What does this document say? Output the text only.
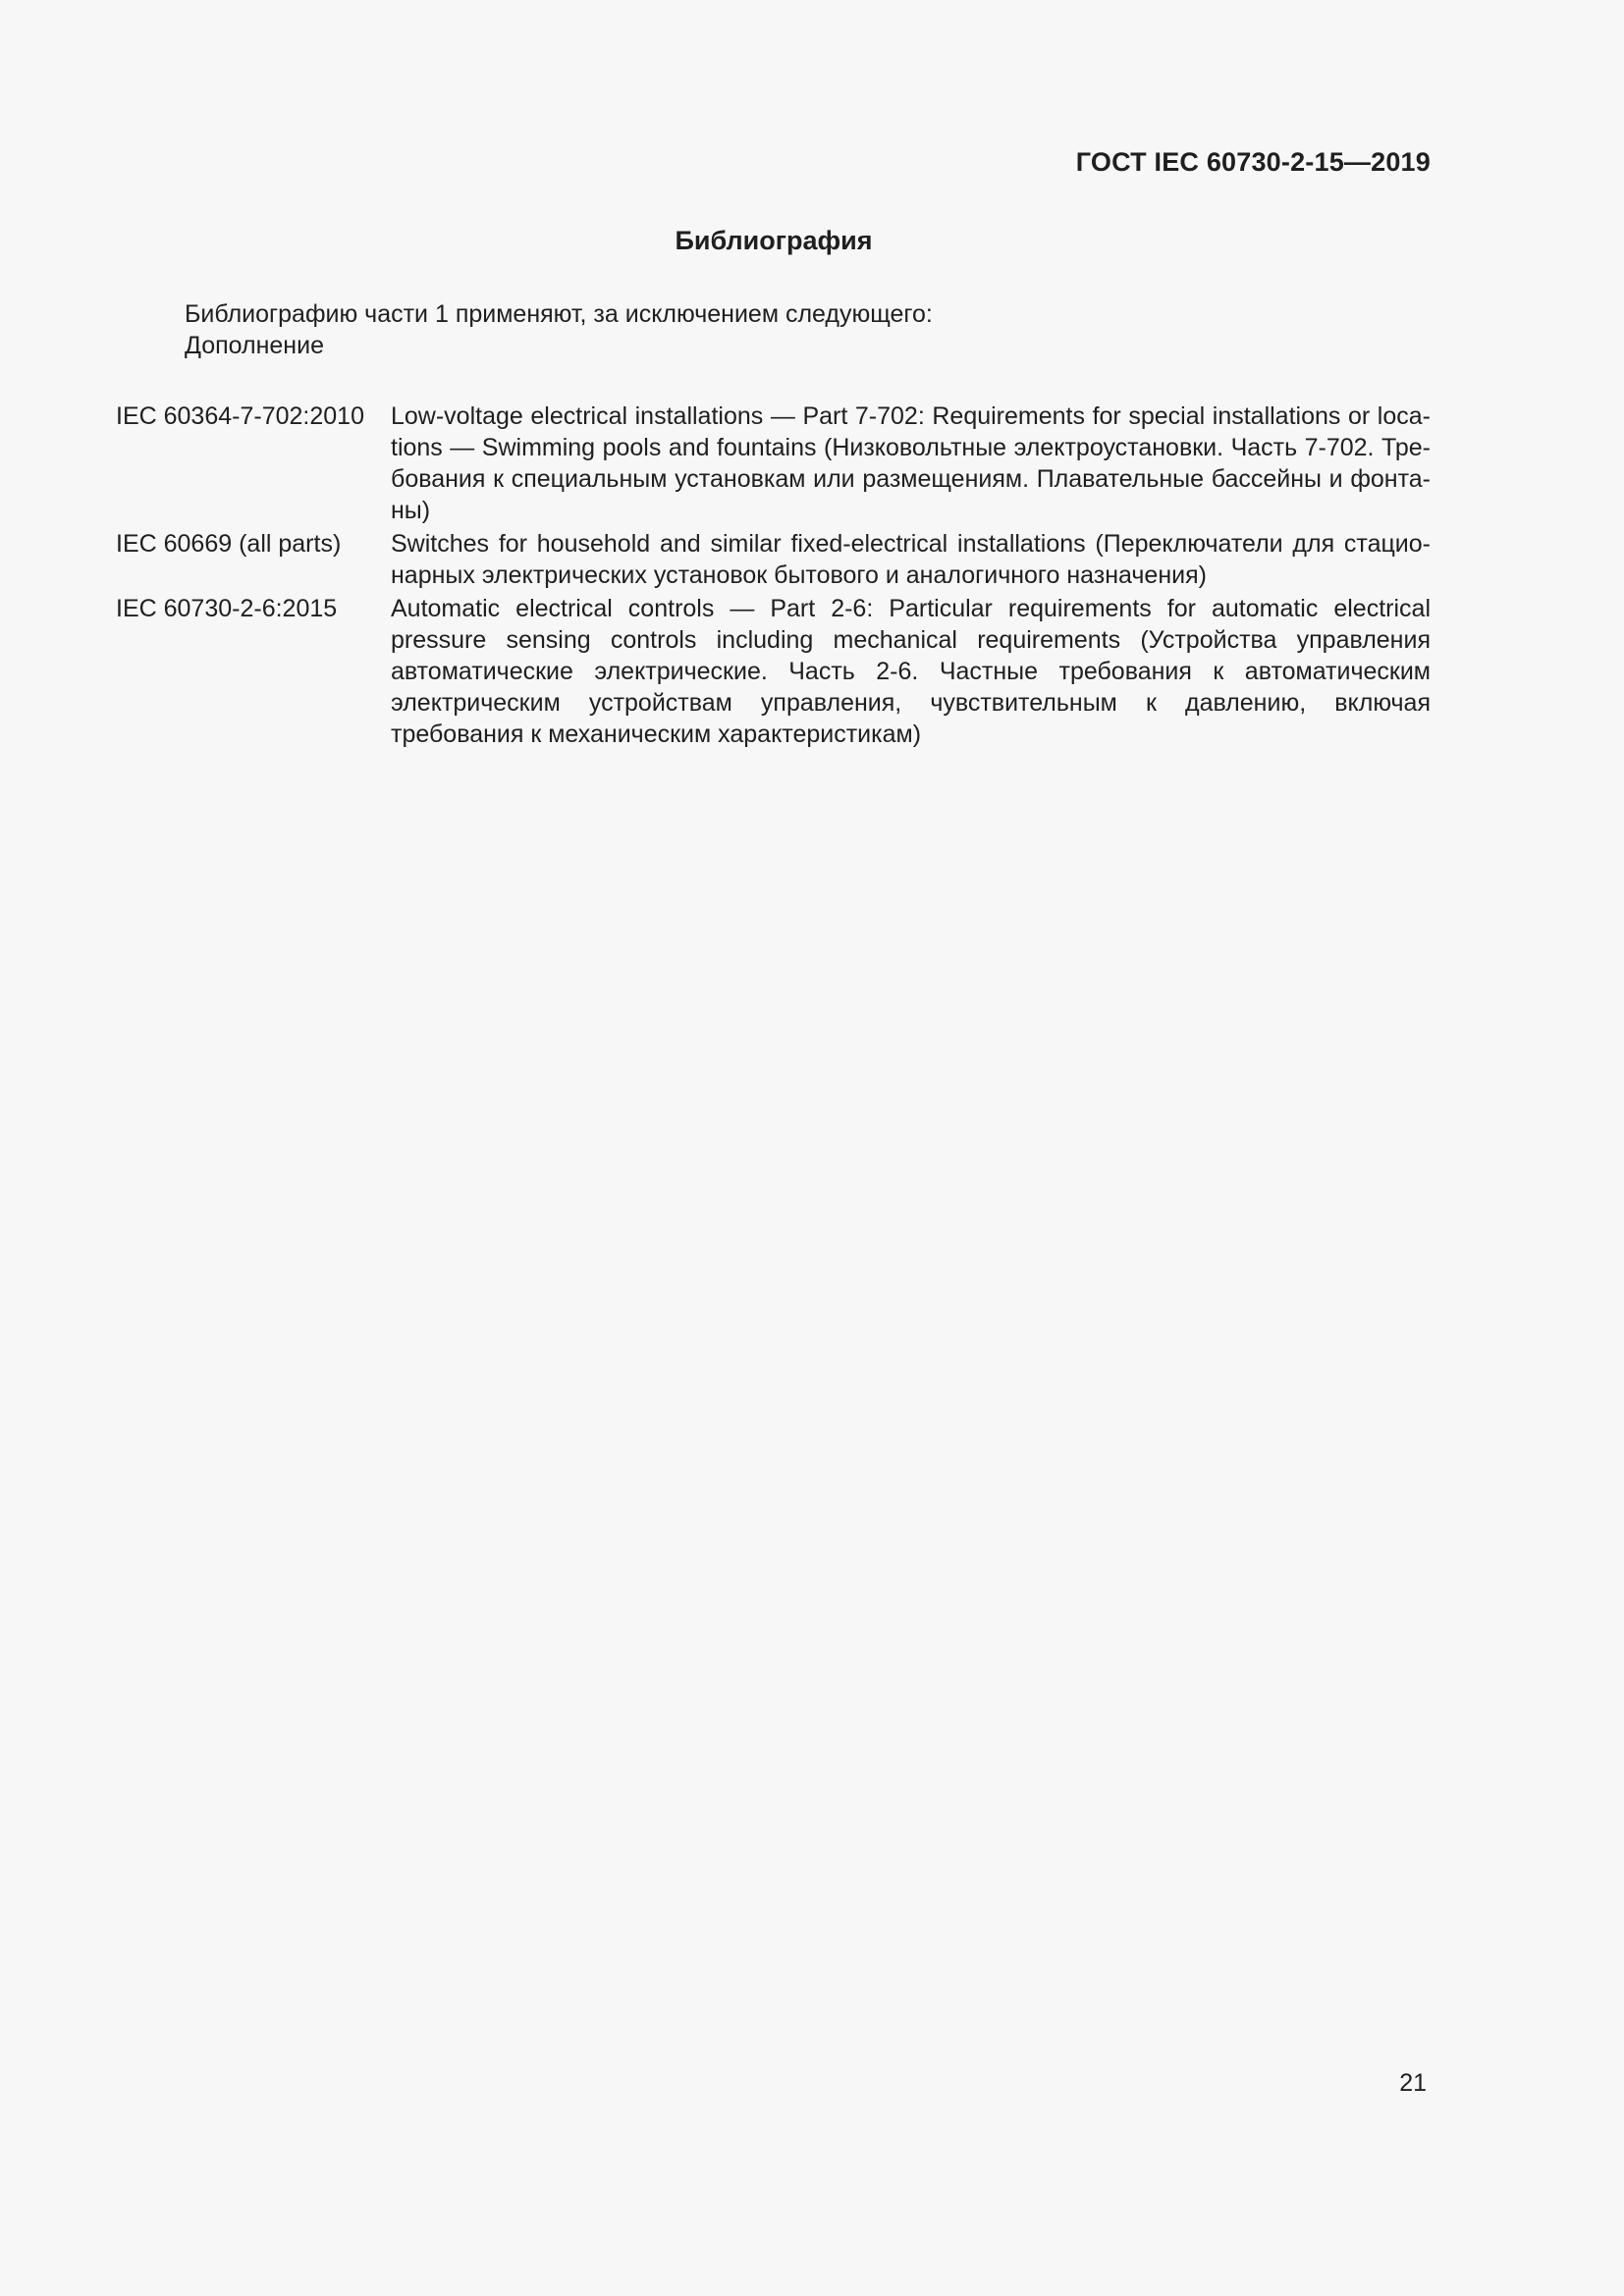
ГОСТ IEC 60730-2-15—2019
Библиография
Библиографию части 1 применяют, за исключением следующего:
Дополнение
IEC 60364-7-702:2010	Low-voltage electrical installations — Part 7-702: Requirements for special installations or locations — Swimming pools and fountains (Низковольтные электроустановки. Часть 7-702. Требования к специальным установкам или размещениям. Плавательные бассейны и фонтаны)
IEC 60669 (all parts)	Switches for household and similar fixed-electrical installations (Переключатели для стационарных электрических установок бытового и аналогичного назначения)
IEC 60730-2-6:2015	Automatic electrical controls — Part 2-6: Particular requirements for automatic electrical pressure sensing controls including mechanical requirements (Устройства управления автоматические электрические. Часть 2-6. Частные требования к автоматическим электрическим устройствам управления, чувствительным к давлению, включая требования к механическим характеристикам)
21
